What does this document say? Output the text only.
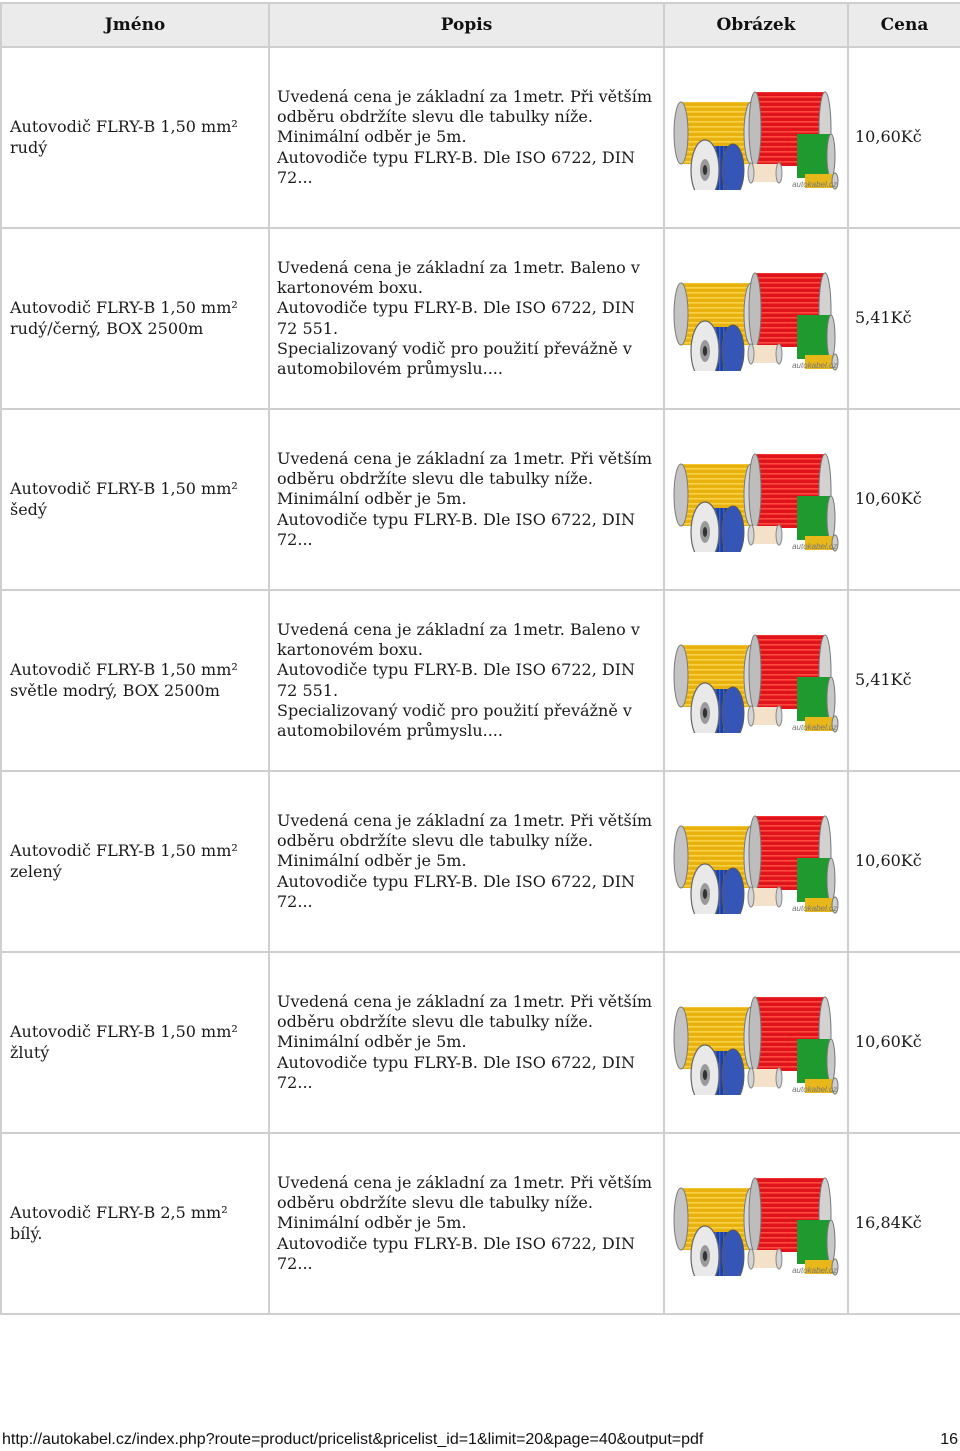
Jméno	Popis	Obrázek	Cena
Autovodič FLRY-B 1,50 mm² rudý	Uvedená cena je základní za 1metr. Při větším odběru obdržíte slevu dle tabulky níže.
Minimální odběr je 5m.
Autovodiče typu FLRY-B. Dle ISO 6722, DIN 72...	autokabel.cz	10,60Kč
Autovodič FLRY-B 1,50 mm² rudý/černý, BOX 2500m	Uvedená cena je základní za 1metr. Baleno v kartonovém boxu.
Autovodiče typu FLRY-B. Dle ISO 6722, DIN 72 551.
Specializovaný vodič pro použití převážně v automobilovém průmyslu....	autokabel.cz	5,41Kč
Autovodič FLRY-B 1,50 mm² šedý	Uvedená cena je základní za 1metr. Při větším odběru obdržíte slevu dle tabulky níže.
Minimální odběr je 5m.
Autovodiče typu FLRY-B. Dle ISO 6722, DIN 72...	autokabel.cz	10,60Kč
Autovodič FLRY-B 1,50 mm² světle modrý, BOX 2500m	Uvedená cena je základní za 1metr. Baleno v kartonovém boxu.
Autovodiče typu FLRY-B. Dle ISO 6722, DIN 72 551.
Specializovaný vodič pro použití převážně v automobilovém průmyslu....	autokabel.cz	5,41Kč
Autovodič FLRY-B 1,50 mm² zelený	Uvedená cena je základní za 1metr. Při větším odběru obdržíte slevu dle tabulky níže.
Minimální odběr je 5m.
Autovodiče typu FLRY-B. Dle ISO 6722, DIN 72...	autokabel.cz	10,60Kč
Autovodič FLRY-B 1,50 mm² žlutý	Uvedená cena je základní za 1metr. Při větším odběru obdržíte slevu dle tabulky níže.
Minimální odběr je 5m.
Autovodiče typu FLRY-B. Dle ISO 6722, DIN 72...	autokabel.cz	10,60Kč
Autovodič FLRY-B 2,5 mm² bílý.	Uvedená cena je základní za 1metr. Při větším odběru obdržíte slevu dle tabulky níže.
Minimální odběr je 5m.
Autovodiče typu FLRY-B. Dle ISO 6722, DIN 72...	autokabel.cz	16,84Kč
http://autokabel.cz/index.php?route=product/pricelist&pricelist_id=1&limit=20&page=40&output=pdf	16
